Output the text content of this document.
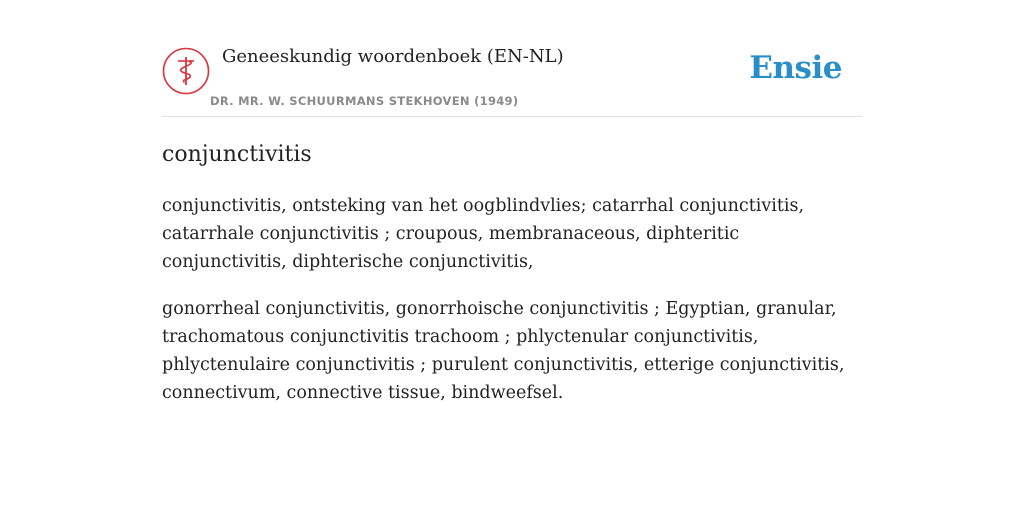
Geneeskundig woordenboek (EN-NL)
DR. MR. W. SCHUURMANS STEKHOVEN (1949)
Ensie
conjunctivitis

conjunctivitis, ontsteking van het oogblindvlies; catarrhal conjunctivitis, catarrhale conjunctivitis ; croupous, membranaceous, diphteritic conjunctivitis, diphterische conjunctivitis,

gonorrheal conjunctivitis, gonorrhoische conjunctivitis ; Egyptian, granular, trachomatous conjunctivitis trachoom ; phlyctenular conjunctivitis, phlyctenulaire conjunctivitis ; purulent conjunctivitis, etterige conjunctivitis, connectivum, connective tissue, bindweefsel.
